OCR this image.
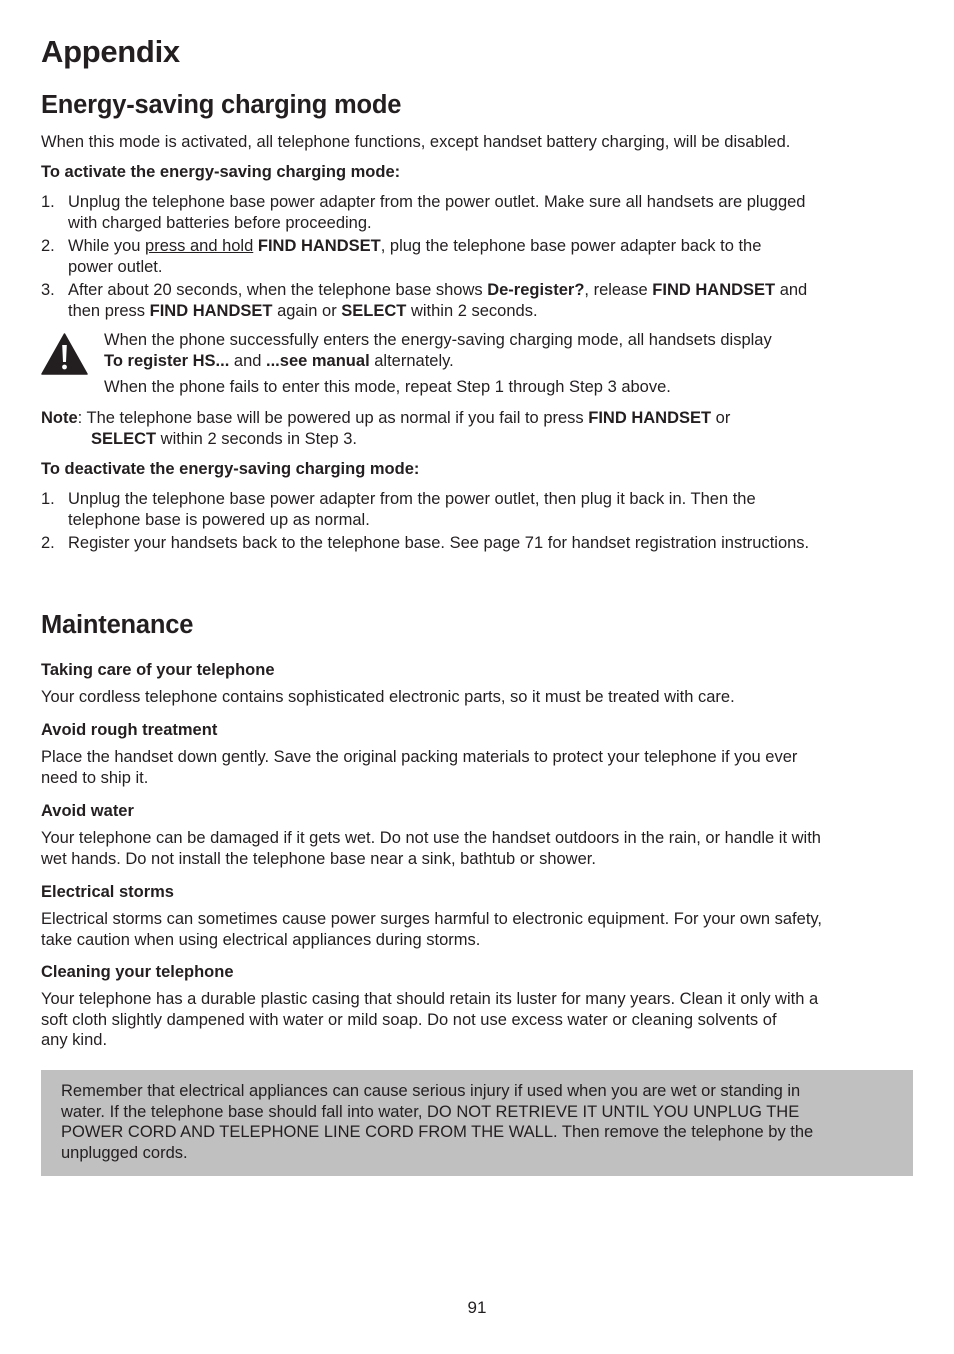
Appendix
Energy-saving charging mode

When this mode is activated, all telephone functions, except handset battery charging, will be disabled.

To activate the energy-saving charging mode:

1. Unplug the telephone base power adapter from the power outlet. Make sure all handsets are plugged
with charged batteries before proceeding.
2. While you press and hold FIND HANDSET, plug the telephone base power adapter back to the
power outlet.
3. After about 20 seconds, when the telephone base shows De-register?, release FIND HANDSET and
then press FIND HANDSET again or SELECT within 2 seconds.

When the phone successfully enters the energy-saving charging mode, all handsets display

To register HS... and ...see manual alternately.

When the phone fails to enter this mode, repeat Step 1 through Step 3 above.

Note: The telephone base will be powered up as normal if you fail to press FIND HANDSET or

SELECT within 2 seconds in Step 3.

To deactivate the energy-saving charging mode:

1. Unplug the telephone base power adapter from the power outlet, then plug it back in. Then the
telephone base is powered up as normal.
2. Register your handsets back to the telephone base. See page 71 for handset registration instructions.
Maintenance

Taking care of your telephone

Your cordless telephone contains sophisticated electronic parts, so it must be treated with care.

Avoid rough treatment

Place the handset down gently. Save the original packing materials to protect your telephone if you ever

need to ship it.

Avoid water

Your telephone can be damaged if it gets wet. Do not use the handset outdoors in the rain, or handle it with

wet hands. Do not install the telephone base near a sink, bathtub or shower.

Electrical storms

Electrical storms can sometimes cause power surges harmful to electronic equipment. For your own safety,

take caution when using electrical appliances during storms.

Cleaning your telephone

Your telephone has a durable plastic casing that should retain its luster for many years. Clean it only with a

soft cloth slightly dampened with water or mild soap. Do not use excess water or cleaning solvents of

any kind.

Remember that electrical appliances can cause serious injury if used when you are wet or standing in
water. If the telephone base should fall into water, DO NOT RETRIEVE IT UNTIL YOU UNPLUG THE
POWER CORD AND TELEPHONE LINE CORD FROM THE WALL. Then remove the telephone by the
unplugged cords.

91
